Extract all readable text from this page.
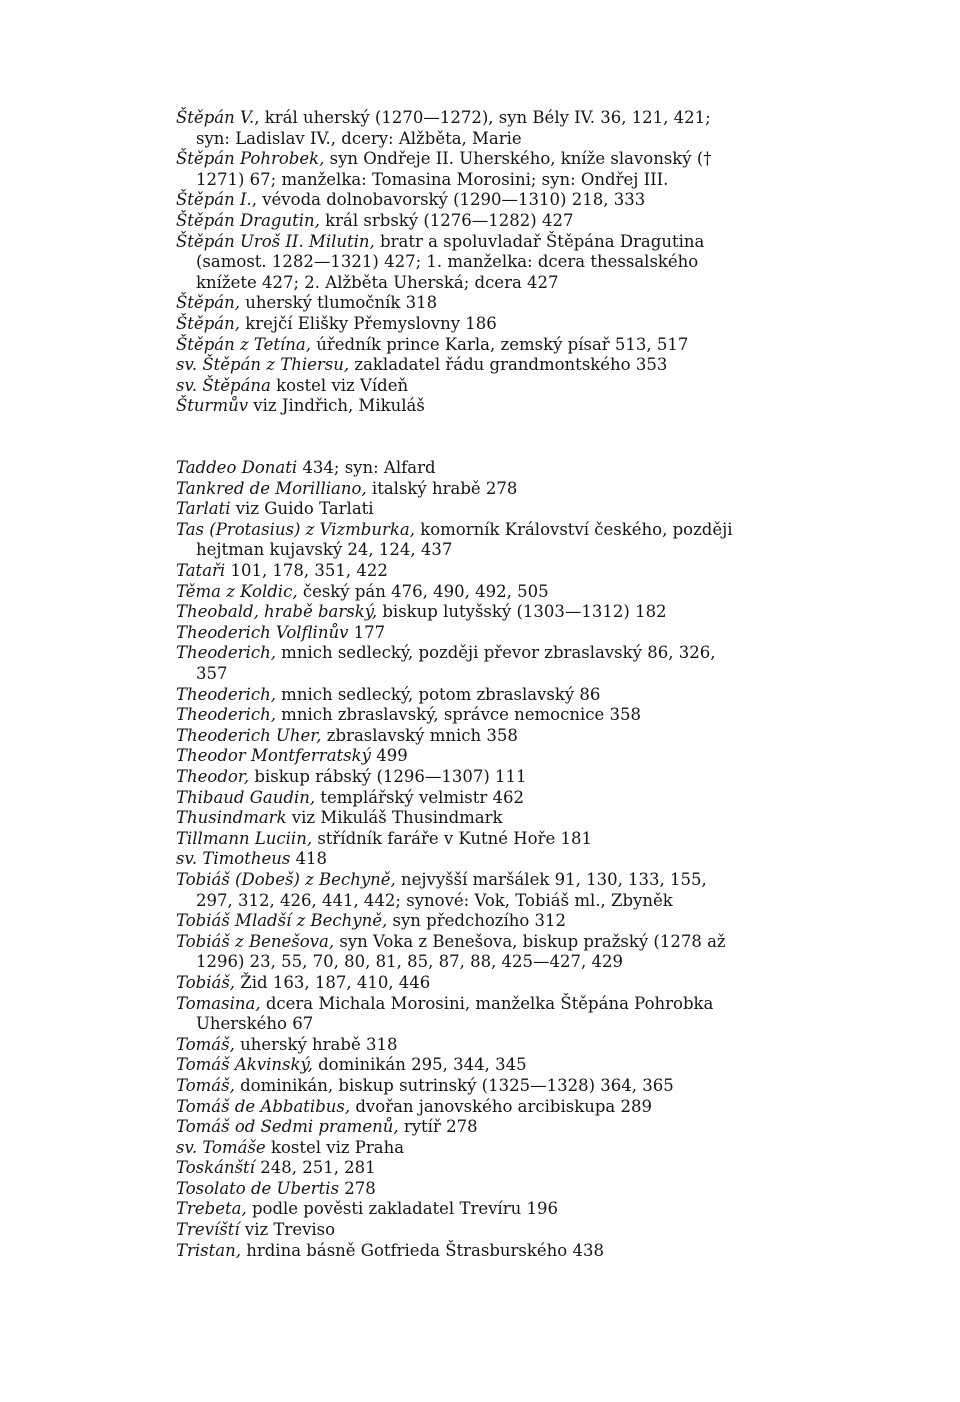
Štěpán V., král uherský (1270—1272), syn Bély IV. 36, 121, 421; syn: Ladislav IV., dcery: Alžběta, Marie

Štěpán Pohrobek, syn Ondřeje II. Uherského, kníže slavonský († 1271) 67; manželka: Tomasina Morosini; syn: Ondřej III.

Štěpán I., vévoda dolnobavorský (1290—1310) 218, 333

Štěpán Dragutin, král srbský (1276—1282) 427

Štěpán Uroš II. Milutin, bratr a spoluvladař Štěpána Dragutina (samost. 1282—1321) 427; 1. manželka: dcera thessalského knížete 427; 2. Alžběta Uherská; dcera 427

Štěpán, uherský tlumočník 318

Štěpán, krejčí Elišky Přemyslovny 186

Štěpán z Tetína, úředník prince Karla, zemský písař 513, 517

sv. Štěpán z Thiersu, zakladatel řádu grandmontského 353

sv. Štěpána kostel viz Vídeň

Šturmův viz Jindřich, Mikuláš

Taddeo Donati 434; syn: Alfard

Tankred de Morilliano, italský hrabě 278

Tarlati viz Guido Tarlati

Tas (Protasius) z Vizmburka, komorník Království českého, později hejtman kujavský 24, 124, 437

Tataři 101, 178, 351, 422

Těma z Koldic, český pán 476, 490, 492, 505

Theobald, hrabě barský, biskup lutyšský (1303—1312) 182

Theoderich Volflinův 177

Theoderich, mnich sedlecký, později převor zbraslavský 86, 326, 357

Theoderich, mnich sedlecký, potom zbraslavský 86

Theoderich, mnich zbraslavský, správce nemocnice 358

Theoderich Uher, zbraslavský mnich 358

Theodor Montferratský 499

Theodor, biskup rábský (1296—1307) 111

Thibaud Gaudin, templářský velmistr 462

Thusindmark viz Mikuláš Thusindmark

Tillmann Luciin, střídník faráře v Kutné Hoře 181

sv. Timotheus 418

Tobiáš (Dobeš) z Bechyně, nejvyšší maršálek 91, 130, 133, 155, 297, 312, 426, 441, 442; synové: Vok, Tobiáš ml., Zbyněk

Tobiáš Mladší z Bechyně, syn předchozího 312

Tobiáš z Benešova, syn Voka z Benešova, biskup pražský (1278 až 1296) 23, 55, 70, 80, 81, 85, 87, 88, 425—427, 429

Tobiáš, Žid 163, 187, 410, 446

Tomasina, dcera Michala Morosini, manželka Štěpána Pohrobka Uherského 67

Tomáš, uherský hrabě 318

Tomáš Akvinský, dominikán 295, 344, 345

Tomáš, dominikán, biskup sutrinský (1325—1328) 364, 365

Tomáš de Abbatibus, dvořan janovského arcibiskupa 289

Tomáš od Sedmi pramenů, rytíř 278

sv. Tomáše kostel viz Praha

Toskánští 248, 251, 281

Tosolato de Ubertis 278

Trebeta, podle pověsti zakladatel Trevíru 196

Trevíští viz Treviso

Tristan, hrdina básně Gotfrieda Štrasburského 438
